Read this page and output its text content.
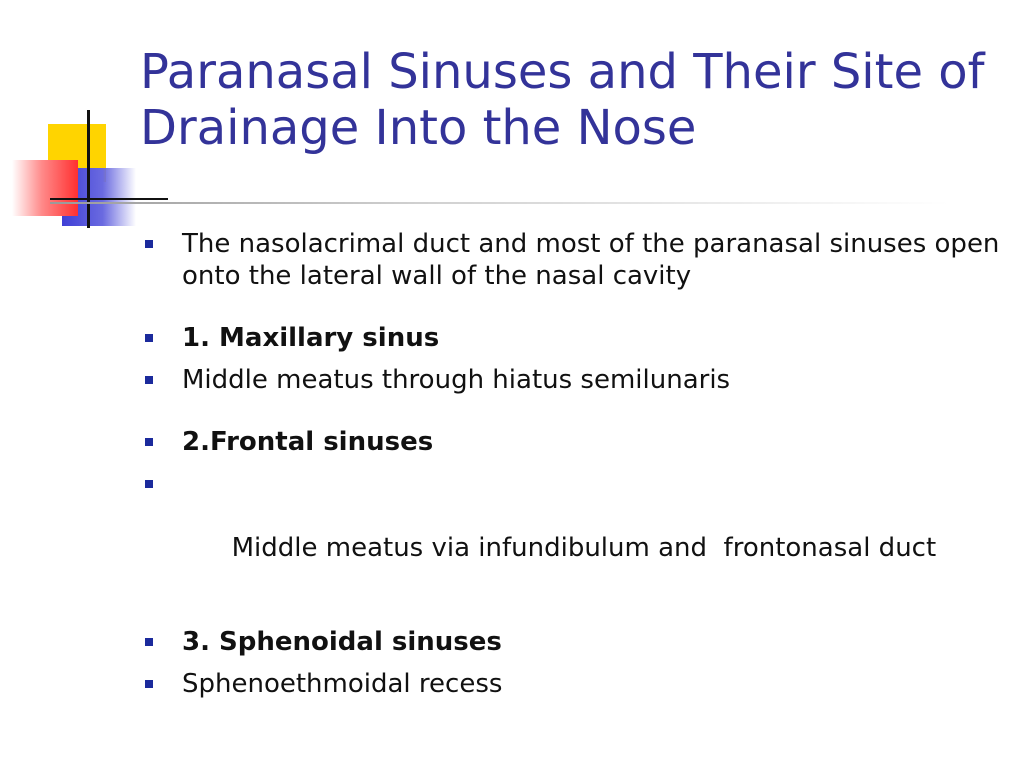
Paranasal Sinuses and Their Site of Drainage Into the Nose
The nasolacrimal duct and most of the paranasal sinuses open onto the lateral wall of the nasal cavity
1. Maxillary sinus
Middle meatus through hiatus semilunaris
2.Frontal sinuses

Middle meatus via infundibulum and  frontonasal duct

3. Sphenoidal sinuses
Sphenoethmoidal recess
